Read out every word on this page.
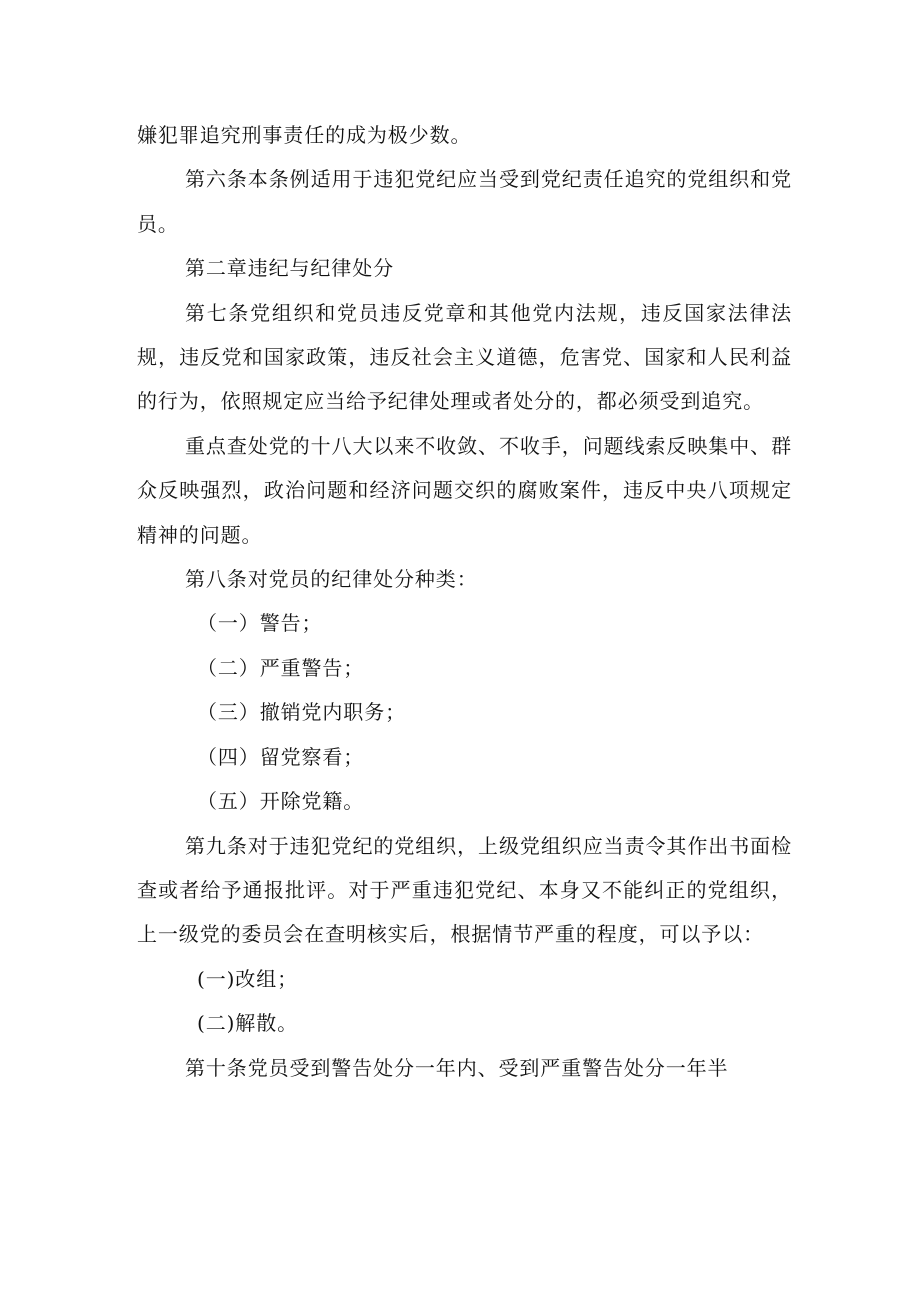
嫌犯罪追究刑事责任的成为极少数。

第六条本条例适用于违犯党纪应当受到党纪责任追究的党组织和党员。

第二章违纪与纪律处分

第七条党组织和党员违反党章和其他党内法规，违反国家法律法规，违反党和国家政策，违反社会主义道德，危害党、国家和人民利益的行为，依照规定应当给予纪律处理或者处分的，都必须受到追究。

重点查处党的十八大以来不收敛、不收手，问题线索反映集中、群众反映强烈，政治问题和经济问题交织的腐败案件，违反中央八项规定精神的问题。

第八条对党员的纪律处分种类：

（一）警告；

（二）严重警告；

（三）撤销党内职务；

（四）留党察看；

（五）开除党籍。

第九条对于违犯党纪的党组织，上级党组织应当责令其作出书面检查或者给予通报批评。对于严重违犯党纪、本身又不能纠正的党组织，上一级党的委员会在查明核实后，根据情节严重的程度，可以予以：

(一)改组；

(二)解散。

第十条党员受到警告处分一年内、受到严重警告处分一年半
